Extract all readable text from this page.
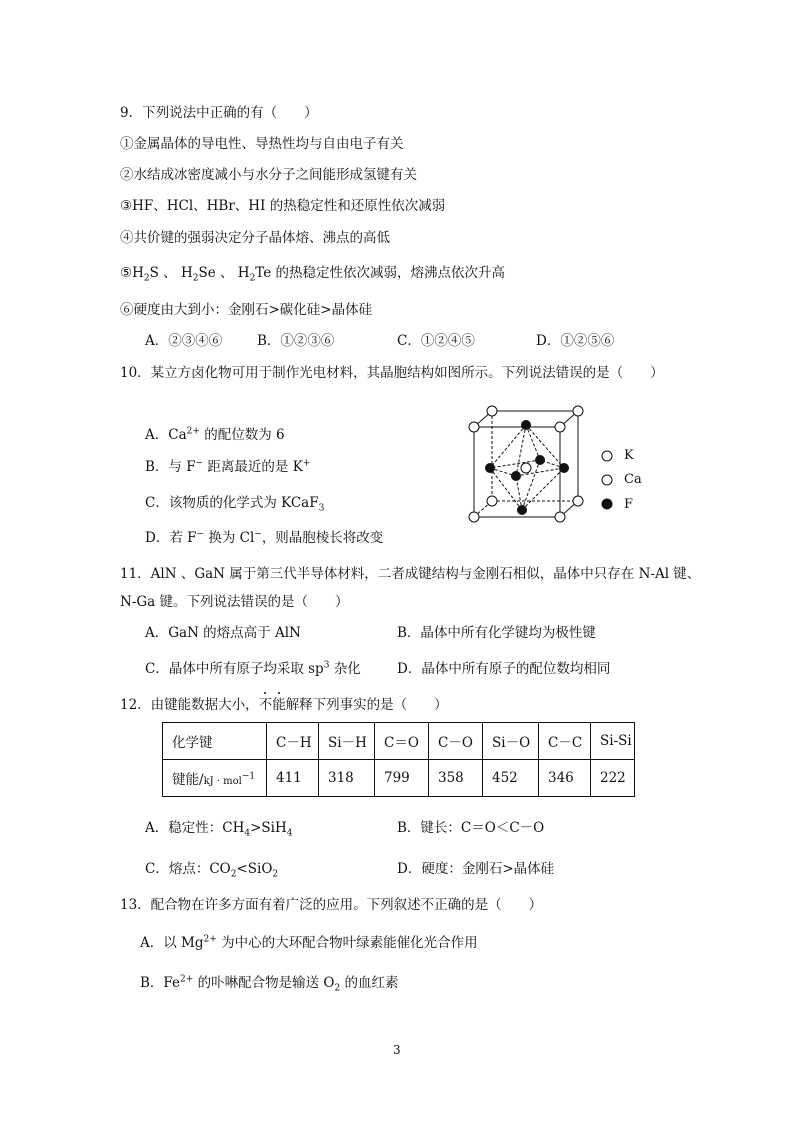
9．下列说法中正确的有（　　）
①金属晶体的导电性、导热性均与自由电子有关
②水结成冰密度减小与水分子之间能形成氢键有关
③HF、HCl、HBr、HI 的热稳定性和还原性依次减弱
④共价键的强弱决定分子晶体熔、沸点的高低
$⑤H_2S$ 、 $H_2Se$ 、 $H_2Te$ 的热稳定性依次减弱，熔沸点依次升高
⑥硬度由大到小：金刚石>碳化硅>晶体硅
A．②③④⑥	B．①②③⑥	C．①②④⑤	D．①②⑤⑥
10．某立方卤化物可用于制作光电材料，其晶胞结构如图所示。下列说法错误的是（　　）
A．$Ca^{2+}$ 的配位数为 6
B．与 F− 距离最近的是 K+
C．该物质的化学式为 KCaF$_3$
D．若 F− 换为 Cl−，则晶胞棱长将改变
K
Ca
F
11．AlN 、GaN 属于第三代半导体材料，二者成键结构与金刚石相似，晶体中只存在 N-Al 键、
N-Ga 键。下列说法错误的是（　　）
A．GaN 的熔点高于 AlN	B．晶体中所有化学键均为极性键
C．晶体中所有原子均采取 $sp^3$ 杂化	D．晶体中所有原子的配位数均相同
12．由键能数据大小，不能解释下列事实的是（　　）
化学键	C－H	Si－H	C＝O	C－O	Si－O	C－C	Si-Si
键能/kJ · mol$^{-1}$	411	318	799	358	452	346	222
A．稳定性：$CH_4>SiH_4$	B．键长：C＝O＜C－O
C．熔点：$CO_2<SiO_2$	D．硬度：金刚石>晶体硅
13．配合物在许多方面有着广泛的应用。下列叙述不正确的是（　　）
A．以 $Mg^{2+}$ 为中心的大环配合物叶绿素能催化光合作用
B．$Fe^{2+}$ 的卟啉配合物是输送 $O_2$ 的血红素
3
